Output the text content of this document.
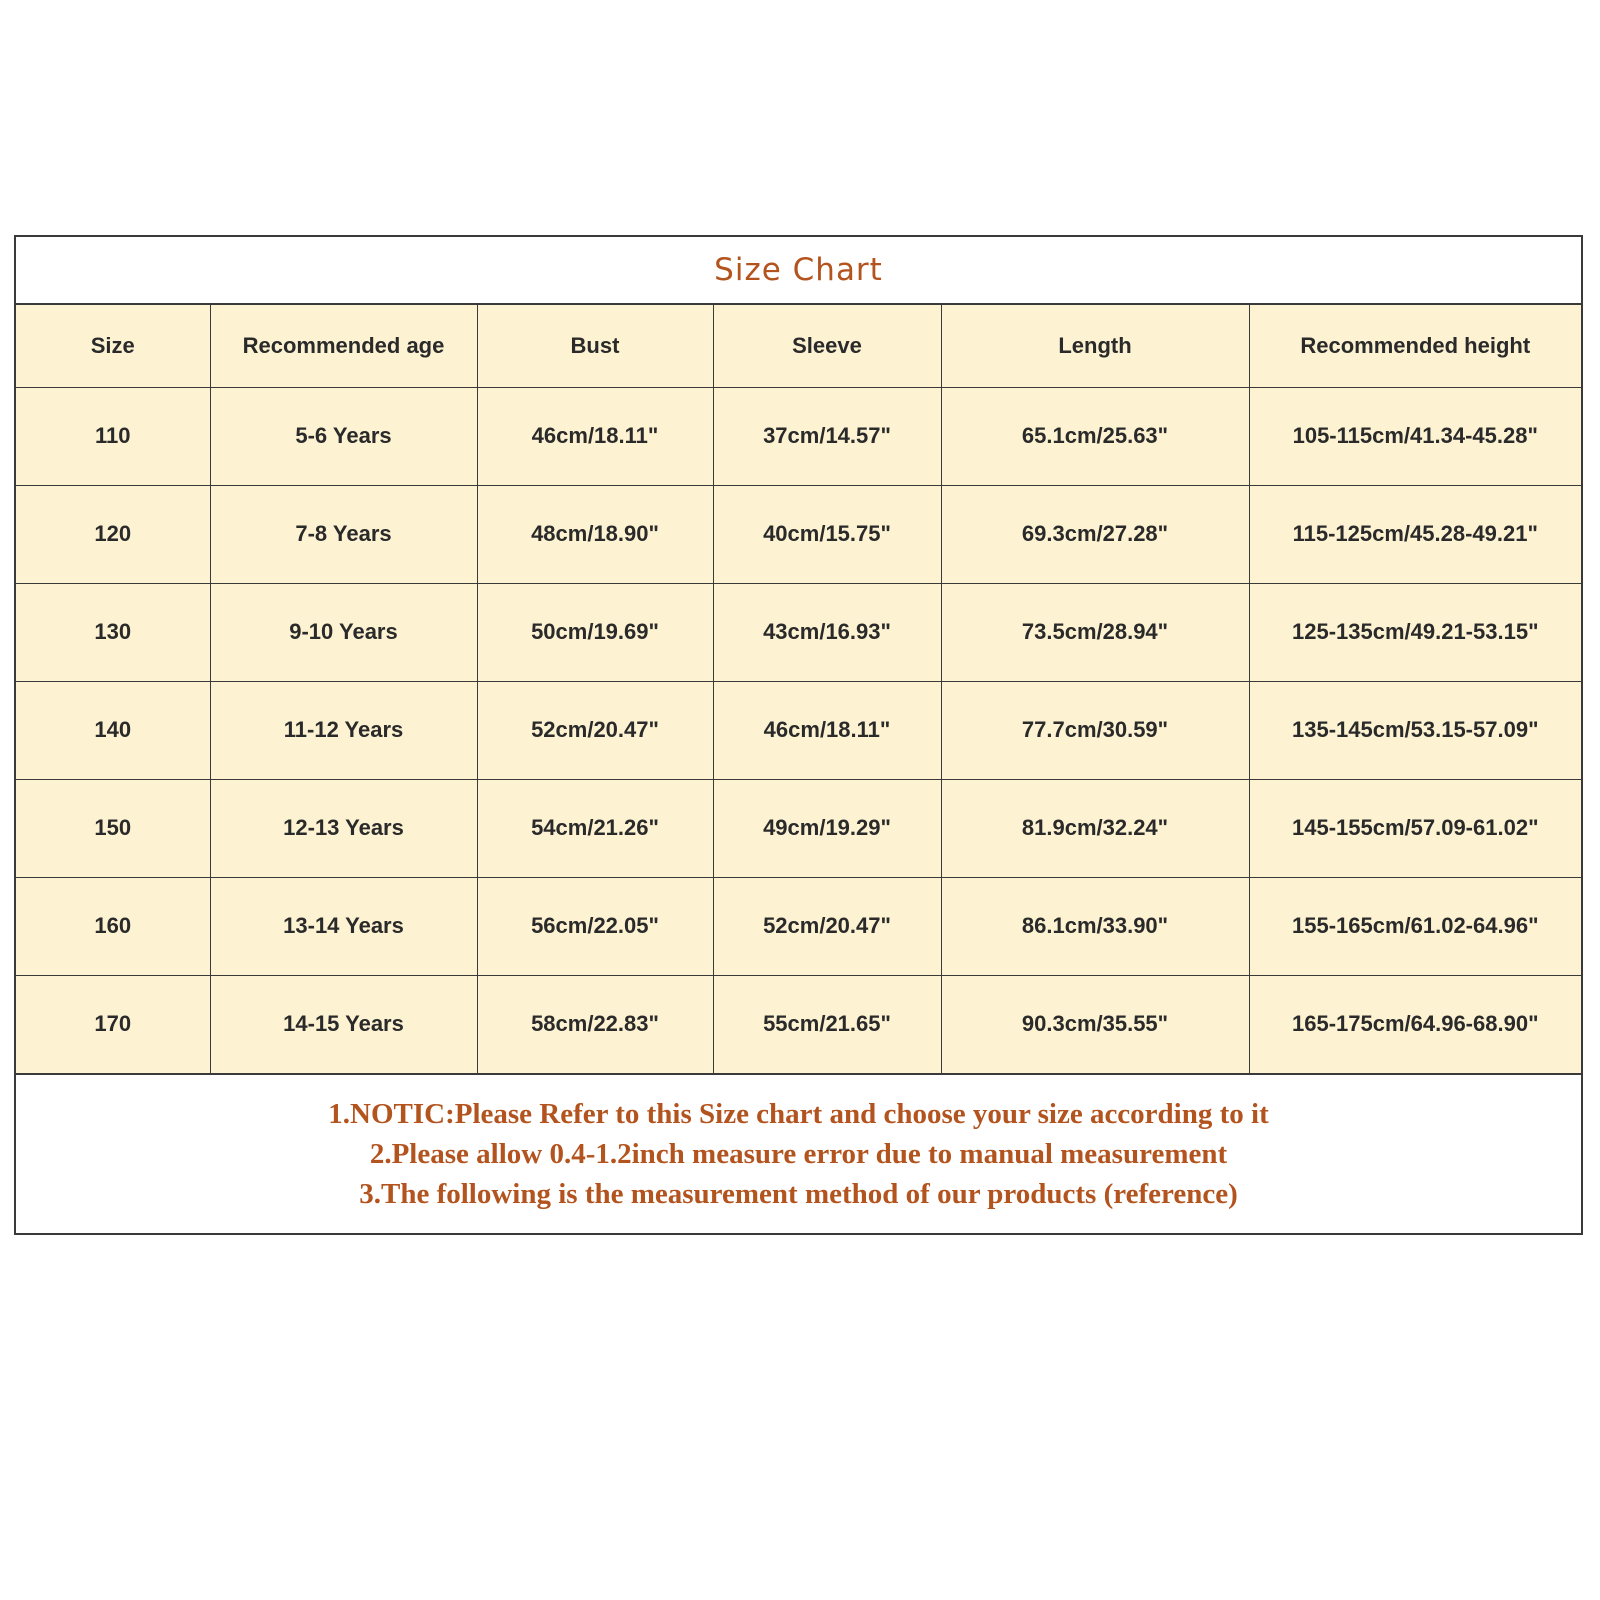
Size Chart
Size	Recommended age	Bust	Sleeve	Length	Recommended height
110	5-6 Years	46cm/18.11"	37cm/14.57"	65.1cm/25.63"	105-115cm/41.34-45.28"
120	7-8 Years	48cm/18.90"	40cm/15.75"	69.3cm/27.28"	115-125cm/45.28-49.21"
130	9-10 Years	50cm/19.69"	43cm/16.93"	73.5cm/28.94"	125-135cm/49.21-53.15"
140	11-12 Years	52cm/20.47"	46cm/18.11"	77.7cm/30.59"	135-145cm/53.15-57.09"
150	12-13 Years	54cm/21.26"	49cm/19.29"	81.9cm/32.24"	145-155cm/57.09-61.02"
160	13-14 Years	56cm/22.05"	52cm/20.47"	86.1cm/33.90"	155-165cm/61.02-64.96"
170	14-15 Years	58cm/22.83"	55cm/21.65"	90.3cm/35.55"	165-175cm/64.96-68.90"
1.NOTIC:Please Refer to this Size chart and choose your size according to it
2.Please allow 0.4-1.2inch measure error due to manual measurement
3.The following is the measurement method of our products (reference)
